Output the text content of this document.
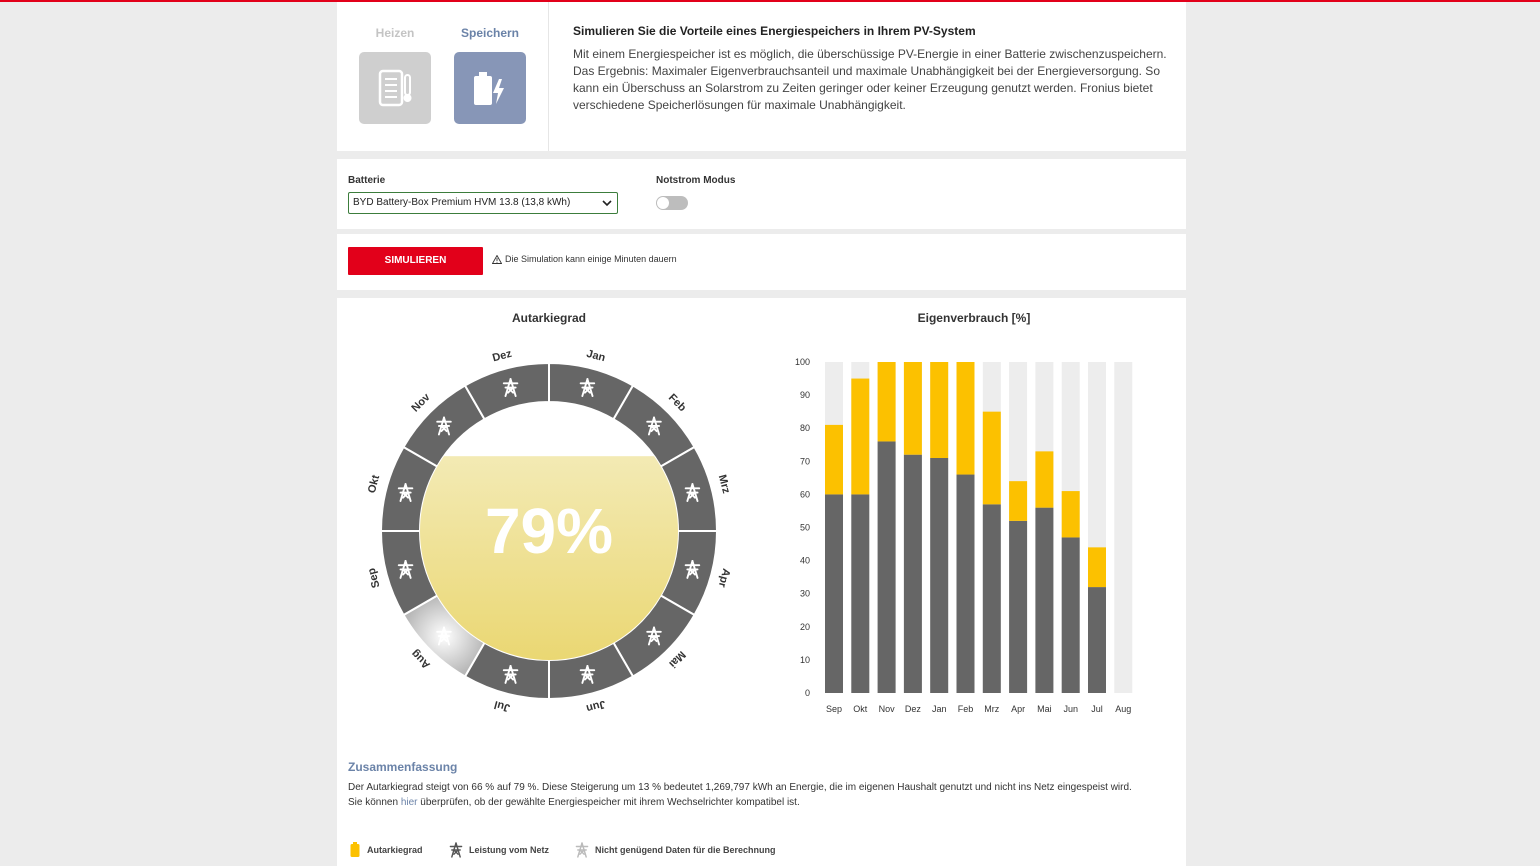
Heizen	Speichern	Simulieren Sie die Vorteile eines Energiespeichers in Ihrem PV-System
Mit einem Energiespeicher ist es möglich, die überschüssige PV-Energie in einer Batterie zwischenzuspeichern.
Das Ergebnis: Maximaler Eigenverbrauchsanteil und maximale Unabhängigkeit bei der Energieversorgung. So
kann ein Überschuss an Solarstrom zu Zeiten geringer oder keiner Erzeugung genutzt werden. Fronius bietet
verschiedene Speicherlösungen für maximale Unabhängigkeit.
Batterie
BYD Battery-Box Premium HVM 13.8 (13,8 kWh)
Notstrom Modus
SIMULIEREN	Die Simulation kann einige Minuten dauern
Autarkiegrad
Jan
Feb
Mrz
Apr
Mai
Jun
Jul
Aug
Sep
Okt
Nov
Dez
79%
Eigenverbrauch [%]
100
90
80
70
60
50
40
30
20
10
0
Sep Okt Nov Dez Jan Feb Mrz Apr Mai Jun Jul Aug
Zusammenfassung
Der Autarkiegrad steigt von 66 % auf 79 %. Diese Steigerung um 13 % bedeutet 1,269,797 kWh an Energie, die im eigenen Haushalt genutzt und nicht ins Netz eingespeist wird.
Sie können hier überprüfen, ob der gewählte Energiespeicher mit ihrem Wechselrichter kompatibel ist.
Autarkiegrad	Leistung vom Netz	Nicht genügend Daten für die Berechnung
